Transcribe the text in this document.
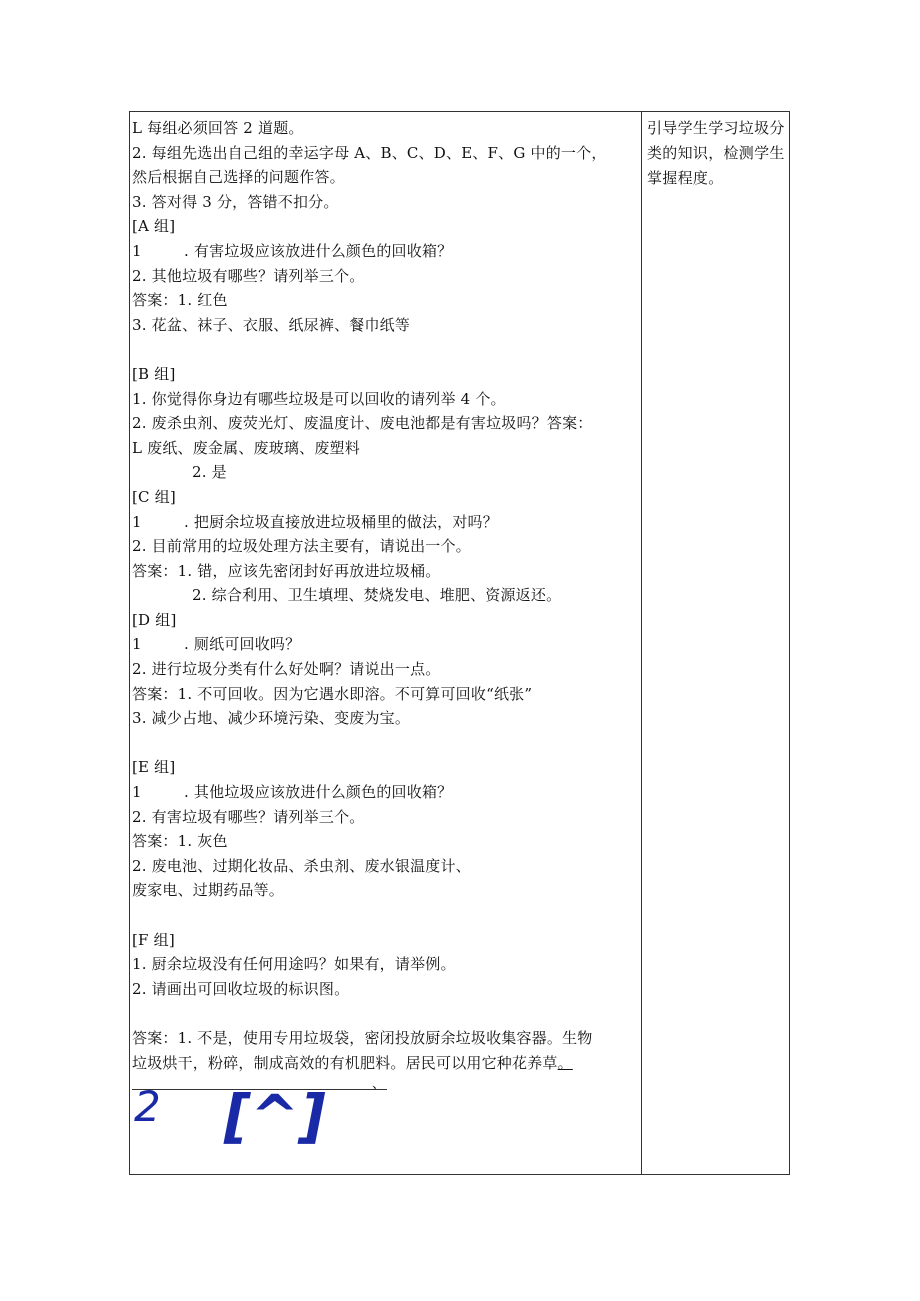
L 每组必须回答 2 道题。
2. 每组先选出自己组的幸运字母 A、B、C、D、E、F、G 中的一个，
然后根据自己选择的问题作答。
3. 答对得 3 分，答错不扣分。
[A 组]
1	. 有害垃圾应该放进什么颜色的回收箱？
2. 其他垃圾有哪些？请列举三个。
答案：1. 红色
3. 花盆、袜子、衣服、纸尿裤、餐巾纸等
[B 组]
1. 你觉得你身边有哪些垃圾是可以回收的请列举 4 个。
2. 废杀虫剂、废荧光灯、废温度计、废电池都是有害垃圾吗？答案：
L 废纸、废金属、废玻璃、废塑料
2. 是
[C 组]
1	. 把厨余垃圾直接放进垃圾桶里的做法，对吗？
2. 目前常用的垃圾处理方法主要有，请说出一个。
答案：1. 错，应该先密闭封好再放进垃圾桶。
2. 综合利用、卫生填埋、焚烧发电、堆肥、资源返还。
[D 组]
1	. 厕纸可回收吗？
2. 进行垃圾分类有什么好处啊？请说出一点。
答案：1. 不可回收。因为它遇水即溶。不可算可回收“纸张”
3. 减少占地、减少环境污染、变废为宝。
[E 组]
1	. 其他垃圾应该放进什么颜色的回收箱？
2. 有害垃圾有哪些？请列举三个。
答案：1. 灰色
2. 废电池、过期化妆品、杀虫剂、废水银温度计、
废家电、过期药品等。
[F 组]
1. 厨余垃圾没有任何用途吗？如果有，请举例。
2. 请画出可回收垃圾的标识图。
答案：1. 不是，使用专用垃圾袋，密闭投放厨余垃圾收集容器。生物
垃圾烘干，粉碎，制成高效的有机肥料。居民可以用它种花养草。
、
2 [^]
引导学生学习垃圾分类的知识，检测学生掌握程度。
